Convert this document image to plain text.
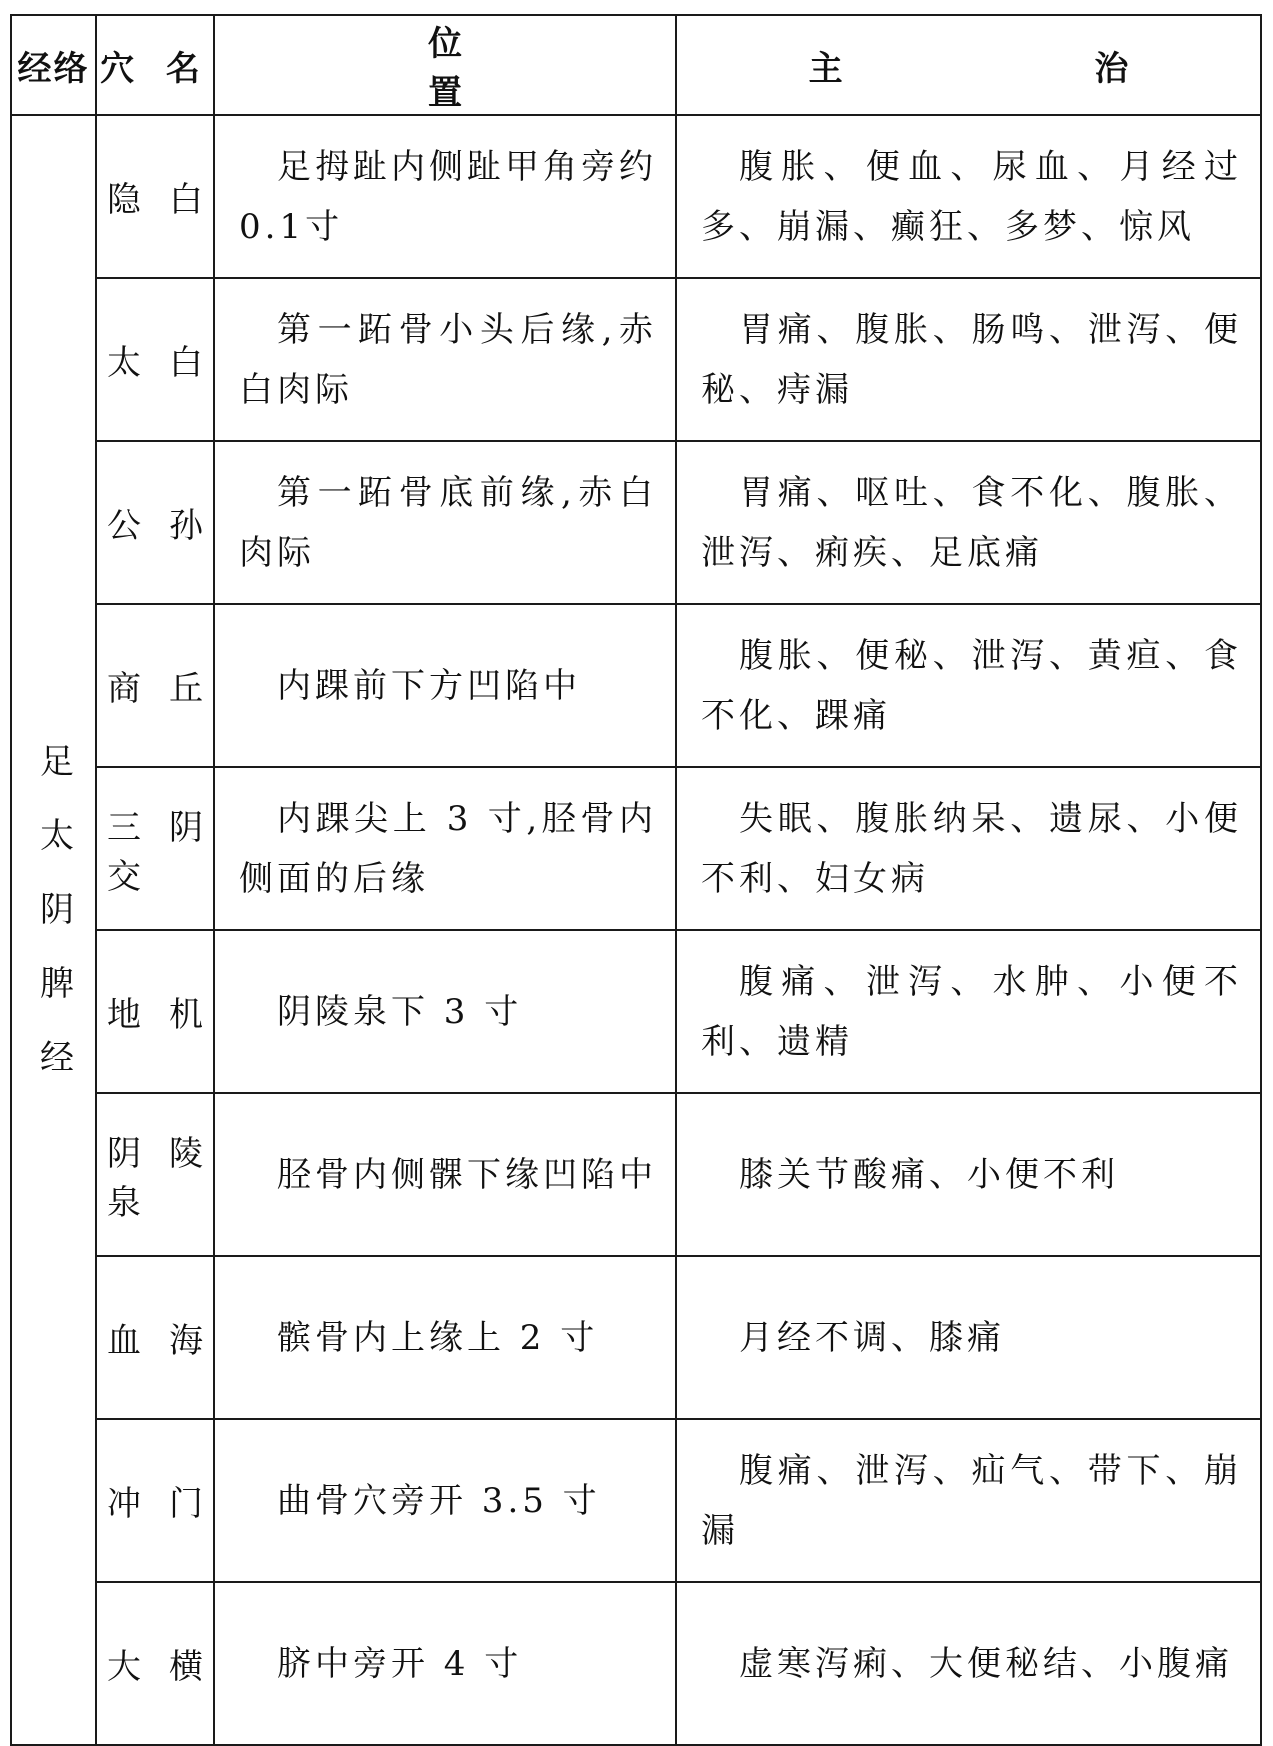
经络	穴 名	位 置	主 治
足太阴脾经	隐白	足拇趾内侧趾甲角旁约0.1寸	腹胀、便血、尿血、月经过多、崩漏、癫狂、多梦、惊风

	太白	第一跖骨小头后缘,赤白肉际	胃痛、腹胀、肠鸣、泄泻、便秘、痔漏

	公孙	第一跖骨底前缘,赤白肉际	胃痛、呕吐、食不化、腹胀、泄泻、痢疾、足底痛

	商丘	内踝前下方凹陷中	腹胀、便秘、泄泻、黄疸、食不化、踝痛

	三阴交	内踝尖上 3 寸,胫骨内侧面的后缘	失眠、腹胀纳呆、遗尿、小便不利、妇女病

	地机	阴陵泉下 3 寸	腹痛、泄泻、水肿、小便不利、遗精

	阴陵泉	胫骨内侧髁下缘凹陷中	膝关节酸痛、小便不利

	血海	髌骨内上缘上 2 寸	月经不调、膝痛

	冲门	曲骨穴旁开 3.5 寸	腹痛、泄泻、疝气、带下、崩漏

	大横	脐中旁开 4 寸	虚寒泻痢、大便秘结、小腹痛
